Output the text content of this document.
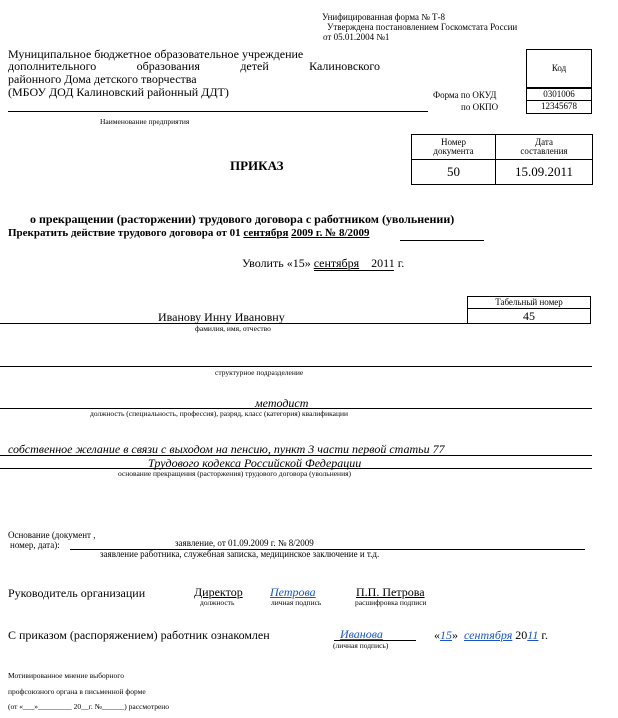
Унифицированная форма № Т-8
Утверждена постановлением Госкомстата России
от 05.01.2004 №1
Муниципальное бюджетное образовательное учреждение
дополнительного образования детей Калиновского
районного Дома детского творчества
(МБОУ ДОД Калиновский районный ДДТ)
Наименование предприятия
Код
Форма по ОКУД	0301006
по ОКПО	12345678
Номер
документа
Дата
составления
50	15.09.2011
ПРИКАЗ
о прекращении (расторжении) трудового договора с работником (увольнении)
Прекратить действие трудового договора от 01 сентября 2009 г. № 8/2009
Уволить «15» сентября 2011 г.
Табельный номер
45
Иванову Инну Ивановну
фамилия, имя, отчество
структурное подразделение
методист
должность (специальность, профессия), разряд, класс (категория) квалификации
собственное желание в связи с выходом на пенсию, пункт 3 части первой статьи 77
Трудового кодекса Российской Федерации
основание прекращения (расторжения) трудового договора (увольнения)
Основание (документ ,
номер, дата):	заявление, от 01.09.2009 г. № 8/2009
заявление работника, служебная записка, медицинское заключение и т.д.
Руководитель организации	Директор
должность
Петрова
личная подпись
П.П. Петрова
расшифровка подписи
С приказом (распоряжением) работник ознакомлен	Иванова
(личная подпись)
«15» сентября 2011 г.
Мотивированное мнение выборного
профсоюзного органа в письменной форме
(от «___»_________ 20__г. №______) рассмотрено
